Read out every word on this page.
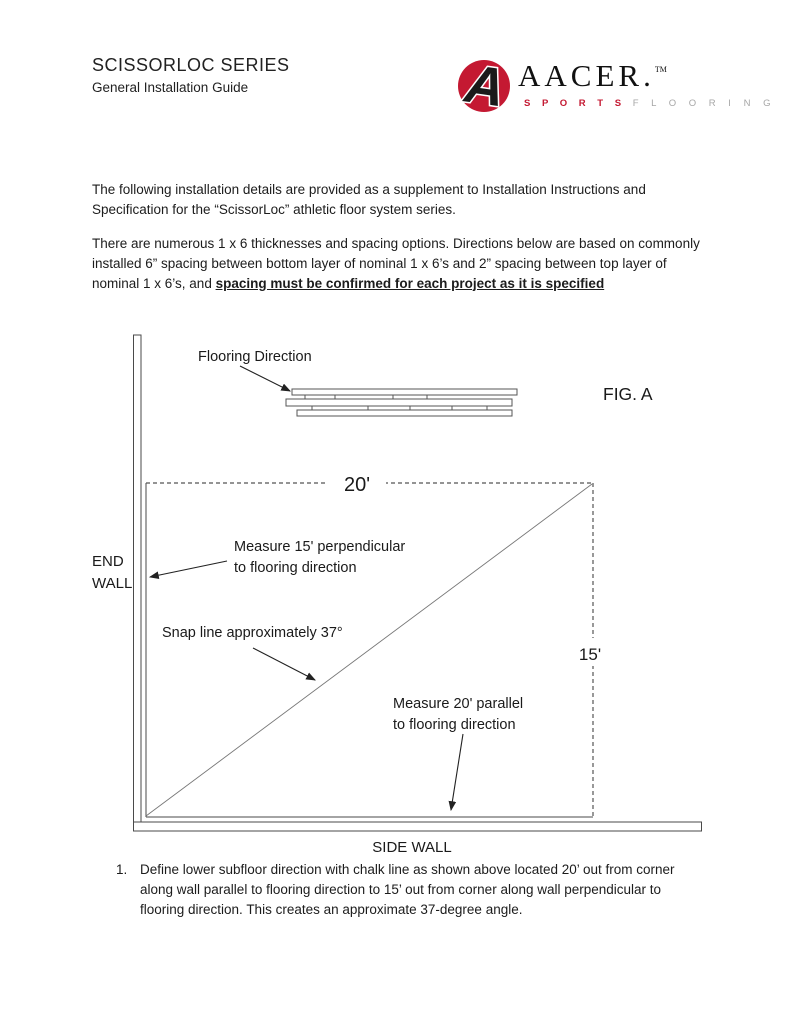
SCISSORLOC SERIES
General Installation Guide	A AACER.™
S P O R T S F L O O R I N G

The following installation details are provided as a supplement to Installation Instructions and Specification for the “ScissorLoc” athletic floor system series.

There are numerous 1 x 6 thicknesses and spacing options. Directions below are based on commonly installed 6” spacing between bottom layer of nominal 1 x 6’s and 2” spacing between top layer of nominal 1 x 6’s, and spacing must be confirmed for each project as it is specified

20'
15'
Flooring Direction
FIG. A
Measure 15' perpendicular
to flooring direction
Snap line approximately 37°
Measure 20' parallel
to flooring direction
END
WALL
SIDE WALL
1. Define lower subfloor direction with chalk line as shown above located 20’ out from corner along wall parallel to flooring direction to 15’ out from corner along wall perpendicular to flooring direction. This creates an approximate 37-degree angle.
